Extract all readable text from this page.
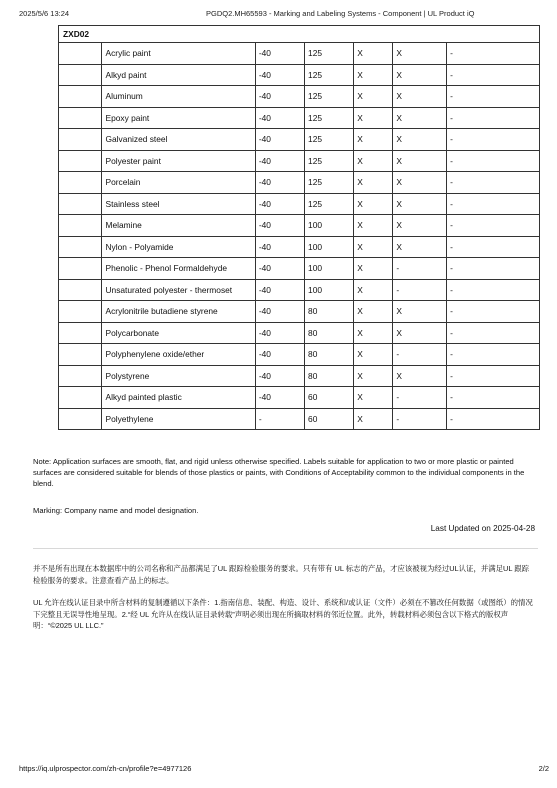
2025/5/6 13:24	PGDQ2.MH65593 - Marking and Labeling Systems - Component | UL Product iQ
ZXD02						
	Acrylic paint	-40	125	X	X	-
	Alkyd paint	-40	125	X	X	-
	Aluminum	-40	125	X	X	-
	Epoxy paint	-40	125	X	X	-
	Galvanized steel	-40	125	X	X	-
	Polyester paint	-40	125	X	X	-
	Porcelain	-40	125	X	X	-
	Stainless steel	-40	125	X	X	-
	Melamine	-40	100	X	X	-
	Nylon - Polyamide	-40	100	X	X	-
	Phenolic - Phenol Formaldehyde	-40	100	X	-	-
	Unsaturated polyester - thermoset	-40	100	X	-	-
	Acrylonitrile butadiene styrene	-40	80	X	X	-
	Polycarbonate	-40	80	X	X	-
	Polyphenylene oxide/ether	-40	80	X	-	-
	Polystyrene	-40	80	X	X	-
	Alkyd painted plastic	-40	60	X	-	-
	Polyethylene	-	60	X	-	-
Note: Application surfaces are smooth, flat, and rigid unless otherwise specified. Labels suitable for application to two or more plastic or painted surfaces are considered suitable for blends of those plastics or paints, with Conditions of Acceptability common to the individual components in the blend.
Marking: Company name and model designation.
Last Updated on 2025-04-28
并不是所有出现在本数据库中的公司名称和产品都满足了UL 跟踪检验服务的要求。只有带有 UL 标志的产品，才应该被视为经过UL认证，并满足UL 跟踪检验服务的要求。注意查看产品上的标志。
UL 允许在线认证目录中所含材料的复制遵循以下条件：1.指南信息、装配、构造、设计、系统和/或认证（文件）必须在不篡改任何数据（或图纸）的情况下完整且无误导性地呈现。2.“经 UL 允许从在线认证目录转载”声明必须出现在所摘取材料的邻近位置。此外，转载材料必须包含以下格式的版权声明：“©2025 UL LLC.”
https://iq.ulprospector.com/zh-cn/profile?e=4977126	2/2
